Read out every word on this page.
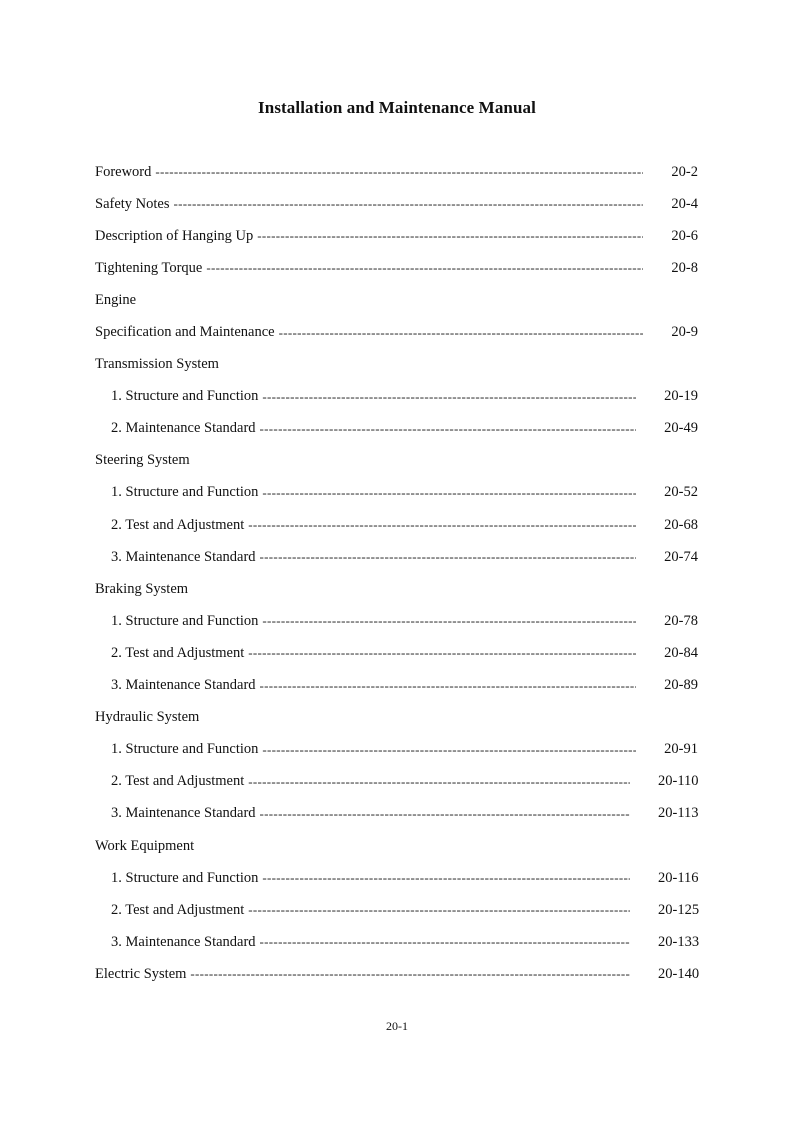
Installation and Maintenance Manual
Foreword -----	20-2
Safety Notes -----	20-4
Description of Hanging Up -----	20-6
Tightening Torque -----	20-8
Engine
Specification and Maintenance -----	20-9
Transmission System
1. Structure and Function -----	20-19
2. Maintenance Standard -----	20-49
Steering System
1. Structure and Function -----	20-52
2. Test and Adjustment -----	20-68
3. Maintenance Standard -----	20-74
Braking System
1. Structure and Function -----	20-78
2. Test and Adjustment -----	20-84
3. Maintenance Standard -----	20-89
Hydraulic System
1. Structure and Function -----	20-91
2. Test and Adjustment -----	20-110
3. Maintenance Standard -----	20-113
Work Equipment
1. Structure and Function -----	20-116
2. Test and Adjustment -----	20-125
3. Maintenance Standard -----	20-133
Electric System -----	20-140
20-1
